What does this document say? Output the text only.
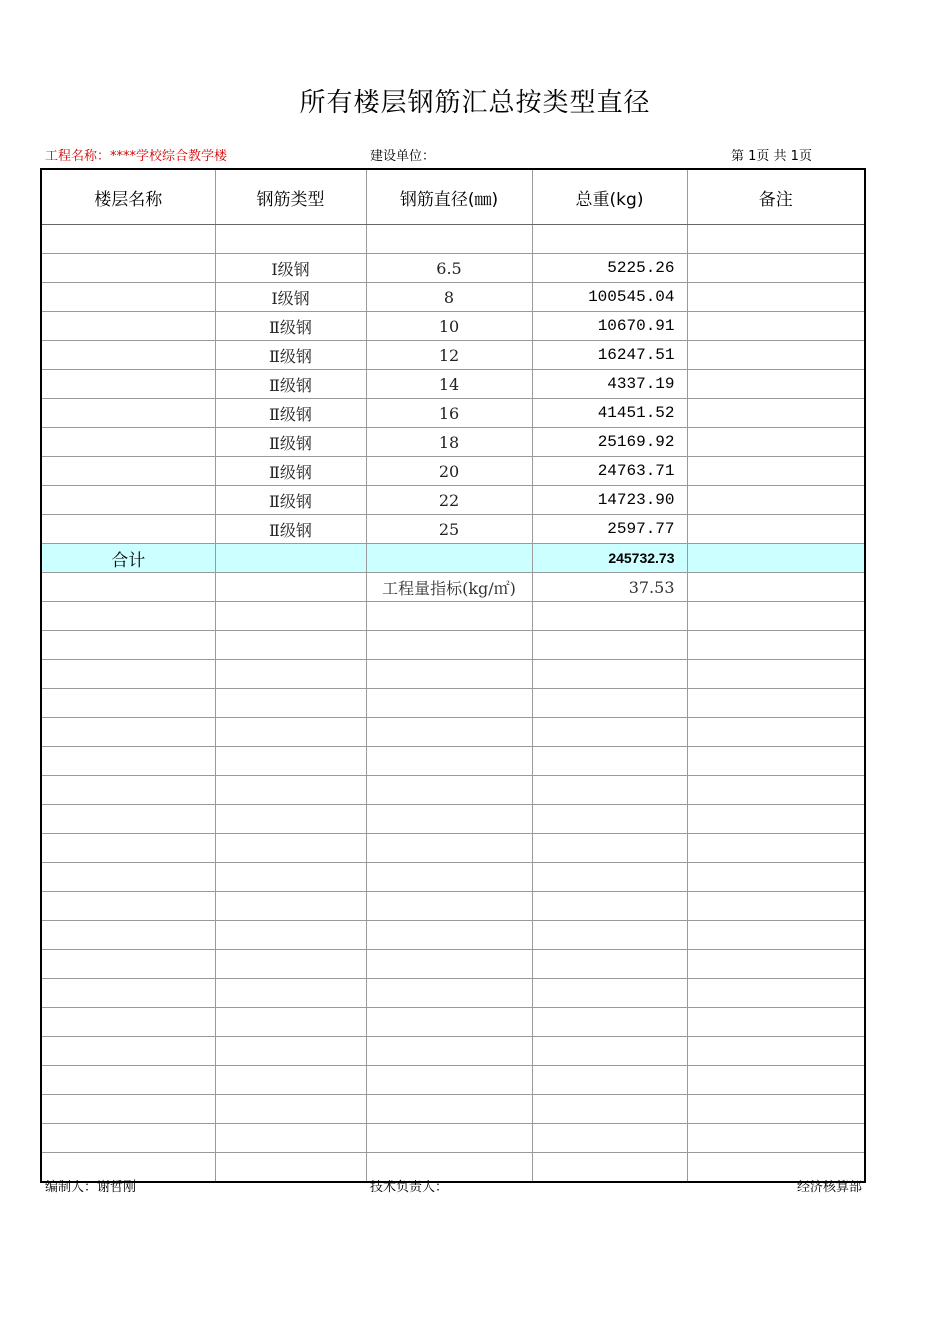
所有楼层钢筋汇总按类型直径
工程名称：****学校综合教学楼	建设单位：	第 1页 共 1页
楼层名称	钢筋类型	钢筋直径(㎜)	总重(kg)	备注

	Ⅰ级钢	6.5	5225.26	
	Ⅰ级钢	8	100545.04	
	Ⅱ级钢	10	10670.91	
	Ⅱ级钢	12	16247.51	
	Ⅱ级钢	14	4337.19	
	Ⅱ级钢	16	41451.52	
	Ⅱ级钢	18	25169.92	
	Ⅱ级钢	20	24763.71	
	Ⅱ级钢	22	14723.90	
	Ⅱ级钢	25	2597.77	
合计			245732.73	
		工程量指标(kg/㎡)	37.53	

编制人：谢哲刚	技术负责人：	经济核算部
